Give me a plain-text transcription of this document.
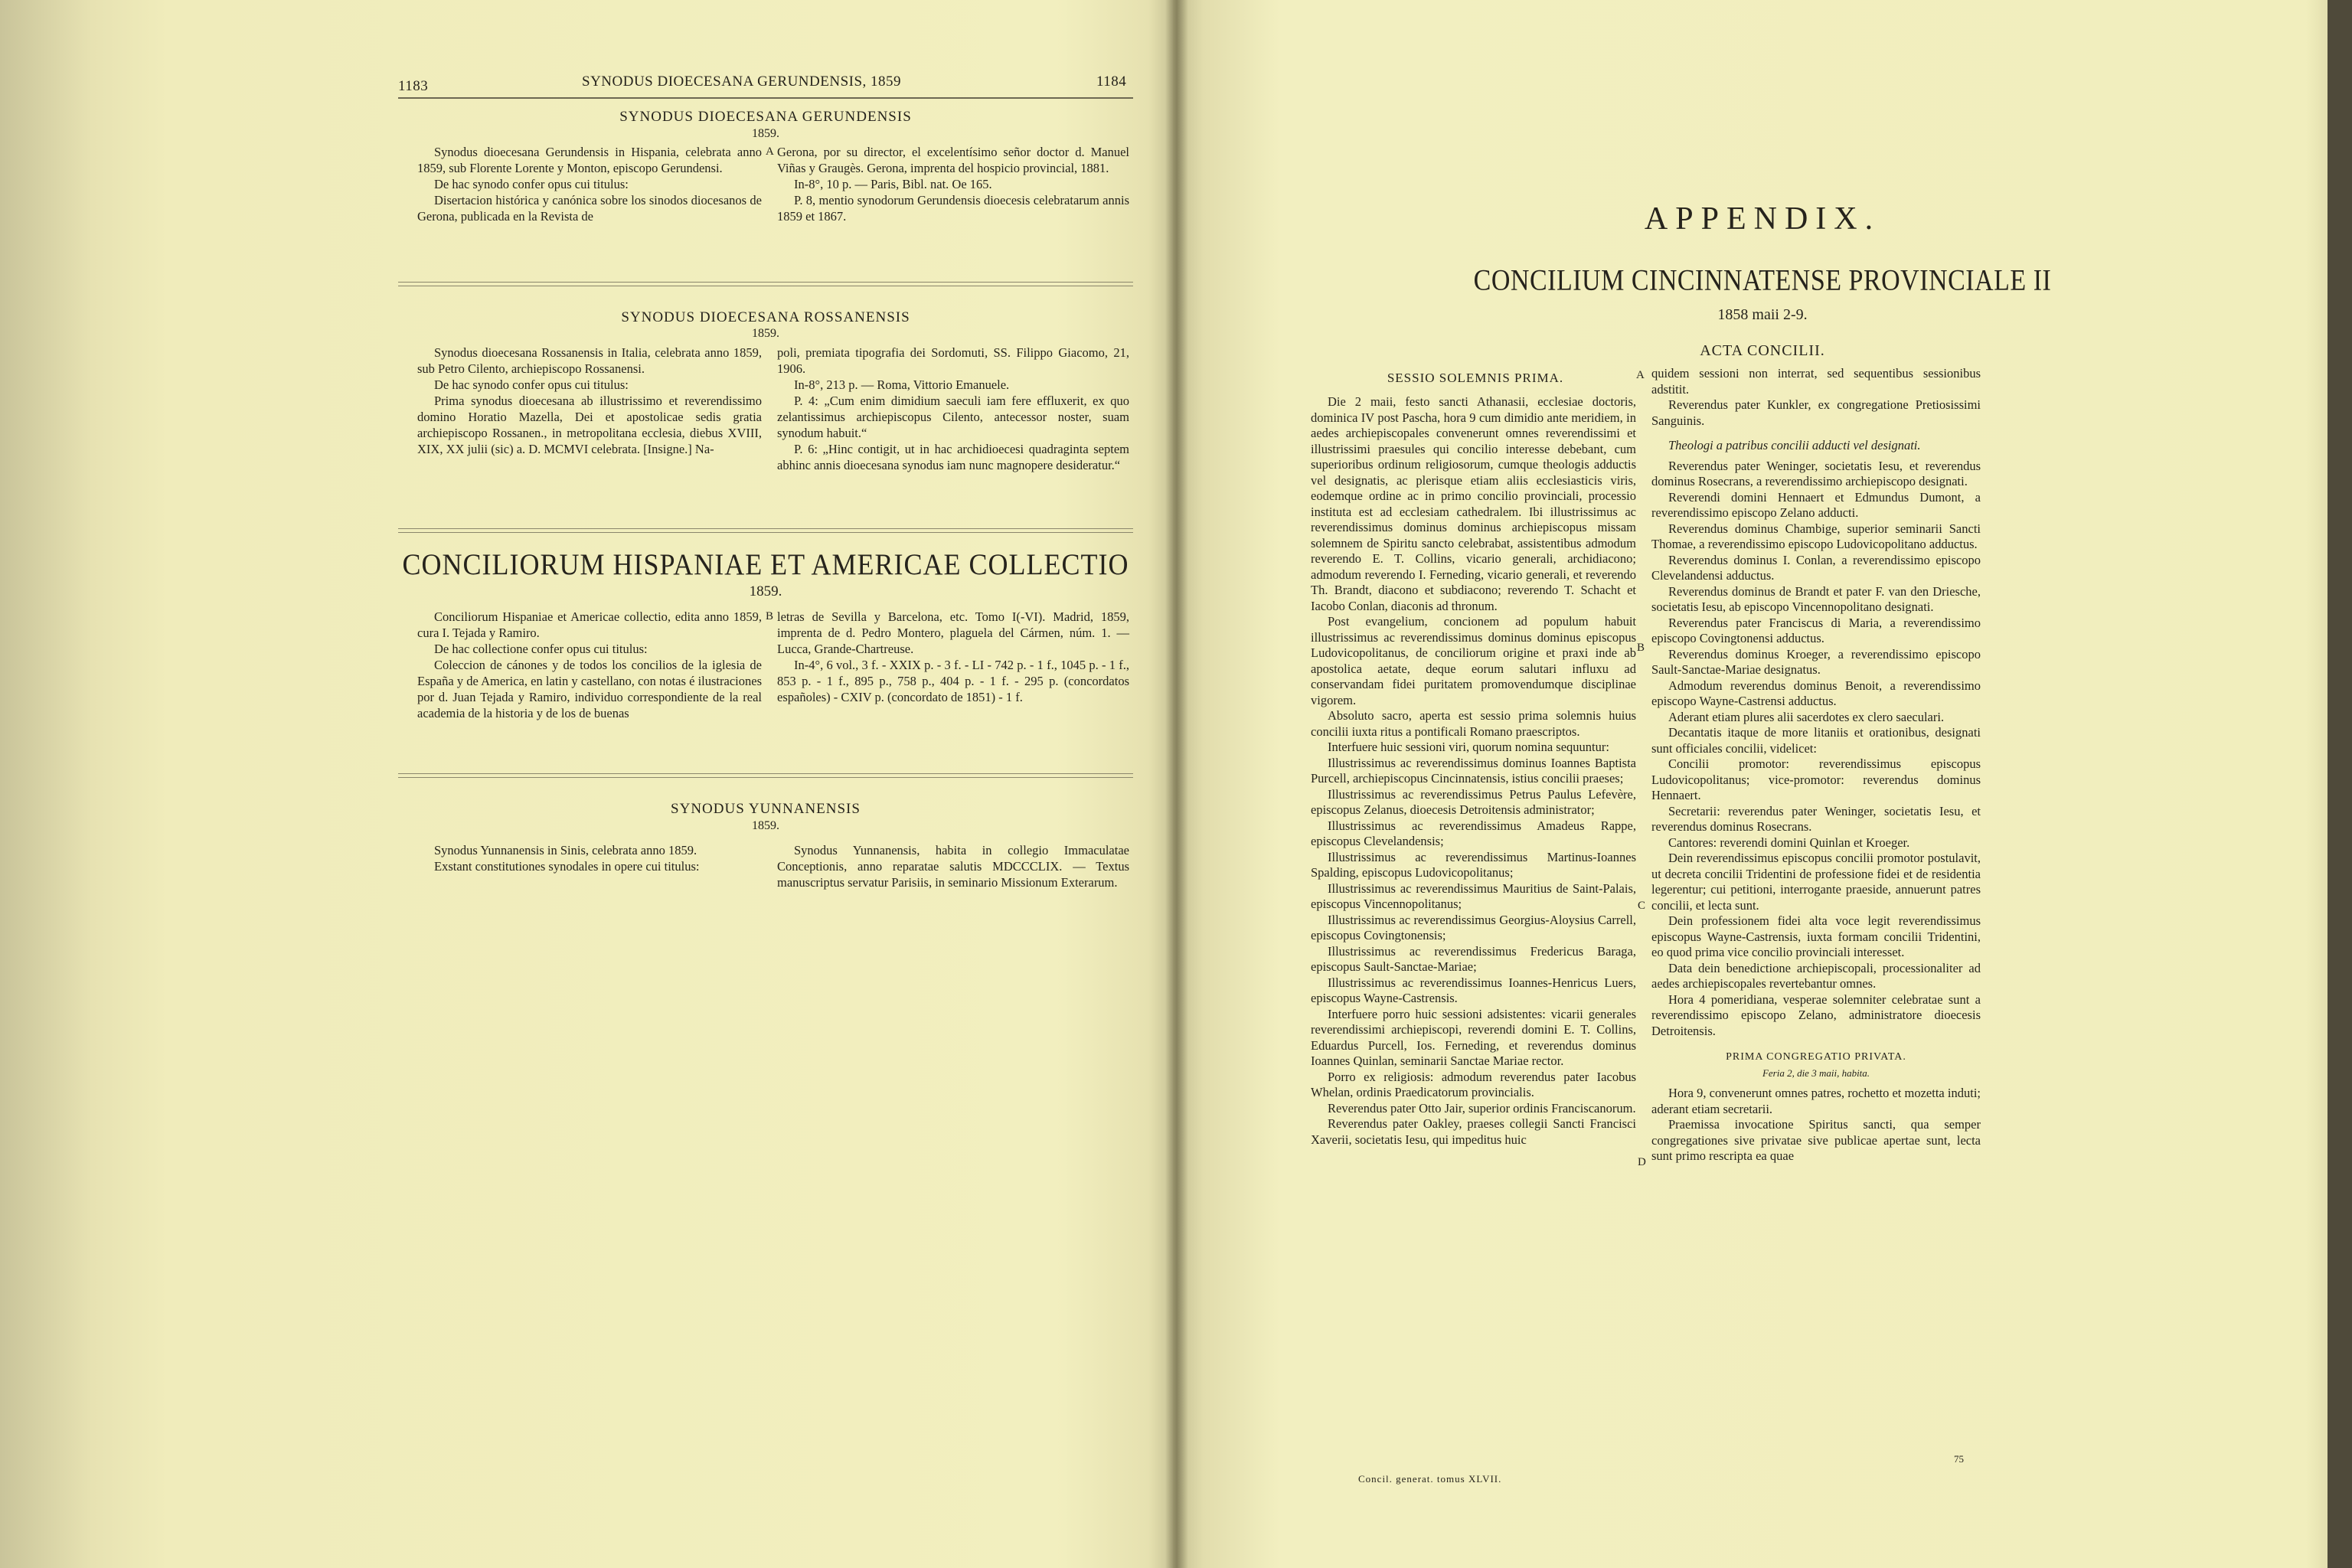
1183	SYNODUS DIOECESANA GERUNDENSIS, 1859	1184
SYNODUS DIOECESANA GERUNDENSIS
1859.

Synodus dioecesana Gerundensis in Hispania, celebrata anno 1859, sub Florente Lorente y Monton, episcopo Gerundensi.

De hac synodo confer opus cui titulus:

Disertacion histórica y canónica sobre los sinodos diocesanos de Gerona, publicada en la Revista de

A Gerona, por su director, el excelentísimo señor doctor d. Manuel Viñas y Graugès. Gerona, imprenta del hospicio provincial, 1881.

In-8°, 10 p. — Paris, Bibl. nat. Oe 165.

P. 8, mentio synodorum Gerundensis dioecesis celebratarum annis 1859 et 1867.

SYNODUS DIOECESANA ROSSANENSIS
1859.

Synodus dioecesana Rossanensis in Italia, celebrata anno 1859, sub Petro Cilento, archiepiscopo Rossanensi.

De hac synodo confer opus cui titulus:

Prima synodus dioecesana ab illustrissimo et reverendissimo domino Horatio Mazella, Dei et apostolicae sedis gratia archiepiscopo Rossanen., in metropolitana ecclesia, diebus XVIII, XIX, XX julii (sic) a. D. MCMVI celebrata. [Insigne.] Na-

poli, premiata tipografia dei Sordomuti, SS. Filippo Giacomo, 21, 1906.

In-8°, 213 p. — Roma, Vittorio Emanuele.

P. 4: „Cum enim dimidium saeculi iam fere effluxerit, ex quo zelantissimus archiepiscopus Cilento, antecessor noster, suam synodum habuit.“

P. 6: „Hinc contigit, ut in hac archidioecesi quadraginta septem abhinc annis dioecesana synodus iam nunc magnopere desideratur.“

CONCILIORUM HISPANIAE ET AMERICAE COLLECTIO
1859.

Conciliorum Hispaniae et Americae collectio, edita anno 1859, cura I. Tejada y Ramiro.

De hac collectione confer opus cui titulus:

Coleccion de cánones y de todos los concilios de la iglesia de España y de America, en latin y castellano, con notas é ilustraciones por d. Juan Tejada y Ramiro, individuo correspondiente de la real academia de la historia y de los de buenas

B letras de Sevilla y Barcelona, etc. Tomo I(-VI). Madrid, 1859, imprenta de d. Pedro Montero, plaguela del Cármen, núm. 1. — Lucca, Grande-Chartreuse.

In-4°, 6 vol., 3 f. - XXIX p. - 3 f. - LI - 742 p. - 1 f., 1045 p. - 1 f., 853 p. - 1 f., 895 p., 758 p., 404 p. - 1 f. - 295 p. (concordatos españoles) - CXIV p. (concordato de 1851) - 1 f.

SYNODUS YUNNANENSIS
1859.

Synodus Yunnanensis in Sinis, celebrata anno 1859.

Exstant constitutiones synodales in opere cui titulus:

Synodus Yunnanensis, habita in collegio Immaculatae Conceptionis, anno reparatae salutis MDCCCLIX. — Textus manuscriptus servatur Parisiis, in seminario Missionum Exterarum.

APPENDIX.
CONCILIUM CINCINNATENSE PROVINCIALE II
1858 maii 2-9.
ACTA CONCILII.
SESSIO SOLEMNIS PRIMA.

Die 2 maii, festo sancti Athanasii, ecclesiae doctoris, dominica IV post Pascha, hora 9 cum dimidio ante meridiem, in aedes archiepiscopales convenerunt omnes reverendissimi et illustrissimi praesules qui concilio interesse debebant, cum superioribus ordinum religiosorum, cumque theologis adductis vel designatis, ac plerisque etiam aliis ecclesiasticis viris, eodemque ordine ac in primo concilio provinciali, processio instituta est ad ecclesiam cathedralem. Ibi illustrissimus ac reverendissimus dominus dominus archiepiscopus missam solemnem de Spiritu sancto celebrabat, assistentibus admodum reverendo E. T. Collins, vicario generali, archidiacono; admodum reverendo I. Ferneding, vicario generali, et reverendo Th. Brandt, diacono et subdiacono; reverendo T. Schacht et Iacobo Conlan, diaconis ad thronum.

Post evangelium, concionem ad populum habuit illustrissimus ac reverendissimus dominus dominus episcopus Ludovicopolitanus, de conciliorum origine et praxi inde ab apostolica aetate, deque eorum salutari influxu ad conservandam fidei puritatem promovendumque disciplinae vigorem.

Absoluto sacro, aperta est sessio prima solemnis huius concilii iuxta ritus a pontificali Romano praescriptos.

Interfuere huic sessioni viri, quorum nomina sequuntur:

Illustrissimus ac reverendissimus dominus Ioannes Baptista Purcell, archiepiscopus Cincinnatensis, istius concilii praeses;

Illustrissimus ac reverendissimus Petrus Paulus Lefevère, episcopus Zelanus, dioecesis Detroitensis administrator;

Illustrissimus ac reverendissimus Amadeus Rappe, episcopus Clevelandensis;

Illustrissimus ac reverendissimus Martinus-Ioannes Spalding, episcopus Ludovicopolitanus;

Illustrissimus ac reverendissimus Mauritius de Saint-Palais, episcopus Vincennopolitanus;

Illustrissimus ac reverendissimus Georgius-Aloysius Carrell, episcopus Covingtonensis;

Illustrissimus ac reverendissimus Fredericus Baraga, episcopus Sault-Sanctae-Mariae;

Illustrissimus ac reverendissimus Ioannes-Henricus Luers, episcopus Wayne-Castrensis.

Interfuere porro huic sessioni adsistentes: vicarii generales reverendissimi archiepiscopi, reverendi domini E. T. Collins, Eduardus Purcell, Ios. Ferneding, et reverendus dominus Ioannes Quinlan, seminarii Sanctae Mariae rector.

Porro ex religiosis: admodum reverendus pater Iacobus Whelan, ordinis Praedicatorum provincialis.

Reverendus pater Otto Jair, superior ordinis Franciscanorum.

Reverendus pater Oakley, praeses collegii Sancti Francisci Xaverii, societatis Iesu, qui impeditus huic

A
B
C
D

quidem sessioni non interrat, sed sequentibus sessionibus adstitit.

Reverendus pater Kunkler, ex congregatione Pretiosissimi Sanguinis.

Theologi a patribus concilii adducti vel designati.

Reverendus pater Weninger, societatis Iesu, et reverendus dominus Rosecrans, a reverendissimo archiepiscopo designati.

Reverendi domini Hennaert et Edmundus Dumont, a reverendissimo episcopo Zelano adducti.

Reverendus dominus Chambige, superior seminarii Sancti Thomae, a reverendissimo episcopo Ludovicopolitano adductus.

Reverendus dominus I. Conlan, a reverendissimo episcopo Clevelandensi adductus.

Reverendus dominus de Brandt et pater F. van den Driesche, societatis Iesu, ab episcopo Vincennopolitano designati.

Reverendus pater Franciscus di Maria, a reverendissimo episcopo Covingtonensi adductus.

Reverendus dominus Kroeger, a reverendissimo episcopo Sault-Sanctae-Mariae designatus.

Admodum reverendus dominus Benoit, a reverendissimo episcopo Wayne-Castrensi adductus.

Aderant etiam plures alii sacerdotes ex clero saeculari.

Decantatis itaque de more litaniis et orationibus, designati sunt officiales concilii, videlicet:

Concilii promotor: reverendissimus episcopus Ludovicopolitanus; vice-promotor: reverendus dominus Hennaert.

Secretarii: reverendus pater Weninger, societatis Iesu, et reverendus dominus Rosecrans.

Cantores: reverendi domini Quinlan et Kroeger.

Dein reverendissimus episcopus concilii promotor postulavit, ut decreta concilii Tridentini de professione fidei et de residentia legerentur; cui petitioni, interrogante praeside, annuerunt patres concilii, et lecta sunt.

Dein professionem fidei alta voce legit reverendissimus episcopus Wayne-Castrensis, iuxta formam concilii Tridentini, eo quod prima vice concilio provinciali interesset.

Data dein benedictione archiepiscopali, processionaliter ad aedes archiepiscopales revertebantur omnes.

Hora 4 pomeridiana, vesperae solemniter celebratae sunt a reverendissimo episcopo Zelano, administratore dioecesis Detroitensis.

PRIMA CONGREGATIO PRIVATA.

Feria 2, die 3 maii, habita.

Hora 9, convenerunt omnes patres, rochetto et mozetta induti; aderant etiam secretarii.

Praemissa invocatione Spiritus sancti, qua semper congregationes sive privatae sive publicae apertae sunt, lecta sunt primo rescripta ea quae

Concil. generat. tomus XLVII.
75
